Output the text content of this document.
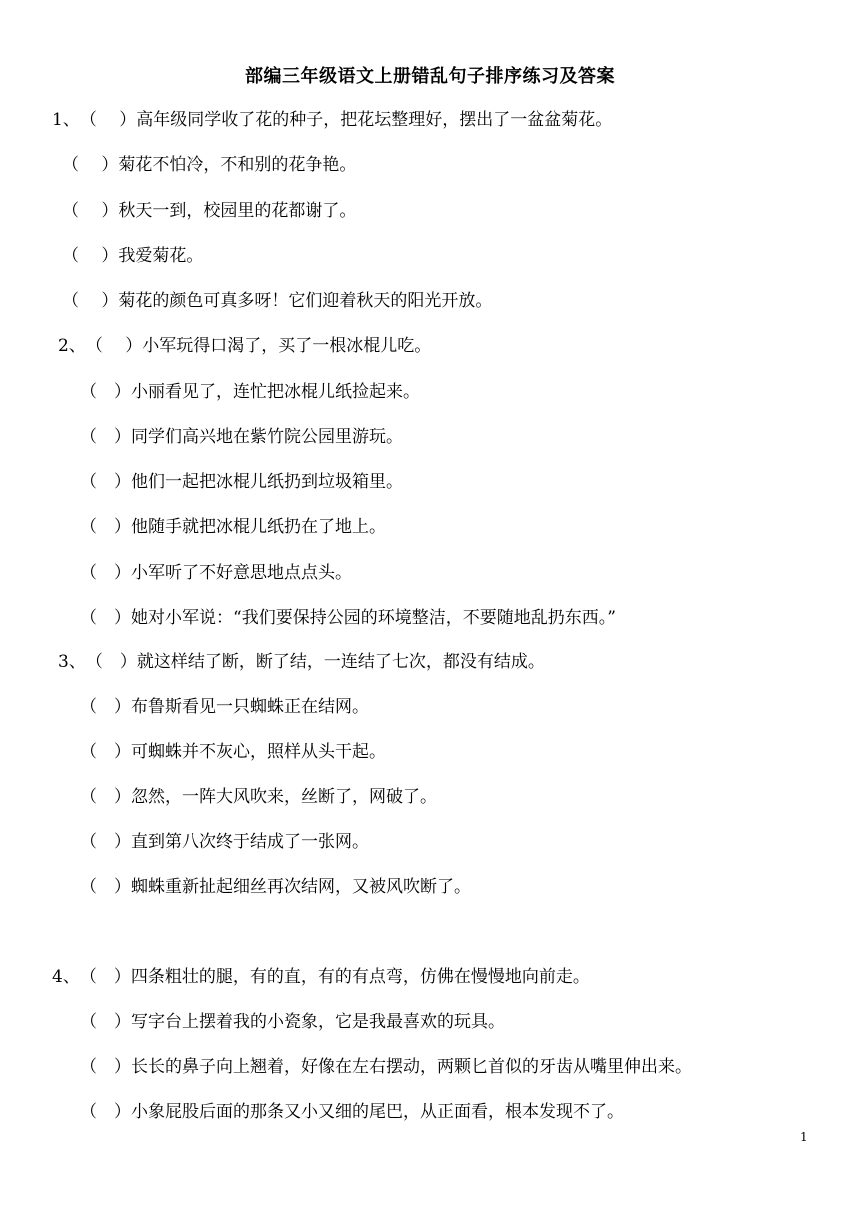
部编三年级语文上册错乱句子排序练习及答案
1、（　 ）高年级同学收了花的种子，把花坛整理好，摆出了一盆盆菊花。
（　 ）菊花不怕冷，不和别的花争艳。
（　 ）秋天一到，校园里的花都谢了。
（　 ）我爱菊花。
（　 ）菊花的颜色可真多呀！它们迎着秋天的阳光开放。
2、（　 ）小军玩得口渴了，买了一根冰棍儿吃。
（　）小丽看见了，连忙把冰棍儿纸捡起来。
（　）同学们高兴地在紫竹院公园里游玩。
（　）他们一起把冰棍儿纸扔到垃圾箱里。
（　）他随手就把冰棍儿纸扔在了地上。
（　）小军听了不好意思地点点头。
（　）她对小军说：“我们要保持公园的环境整洁，不要随地乱扔东西。”
3、（　）就这样结了断，断了结，一连结了七次，都没有结成。
（　）布鲁斯看见一只蜘蛛正在结网。
（　）可蜘蛛并不灰心，照样从头干起。
（　）忽然，一阵大风吹来，丝断了，网破了。
（　）直到第八次终于结成了一张网。
（　）蜘蛛重新扯起细丝再次结网，又被风吹断了。
4、（　）四条粗壮的腿，有的直，有的有点弯，仿佛在慢慢地向前走。
（　）写字台上摆着我的小瓷象，它是我最喜欢的玩具。
（　）长长的鼻子向上翘着，好像在左右摆动，两颗匕首似的牙齿从嘴里伸出来。
（　）小象屁股后面的那条又小又细的尾巴，从正面看，根本发现不了。
1
